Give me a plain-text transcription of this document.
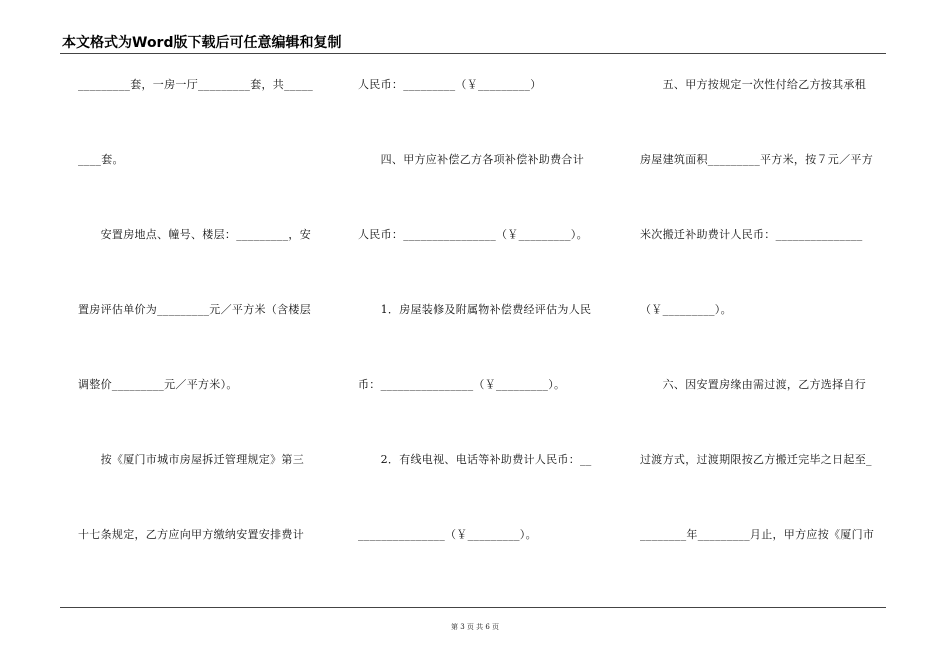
本文格式为Word版下载后可任意编辑和复制
_________套，一房一厅_________套，共_____
____套。
　　安置房地点、幢号、楼层：_________，安
置房评估单价为_________元／平方米（含楼层
调整价_________元／平方米）。
　　按《厦门市城市房屋拆迁管理规定》第三
十七条规定，乙方应向甲方缴纳安置安排费计
人民币：_________（￥_________）
　　四、甲方应补偿乙方各项补偿补助费合计
人民币：________________（￥_________）。
　　1．房屋装修及附属物补偿费经评估为人民
币：________________（￥_________）。
　　2．有线电视、电话等补助费计人民币：__
_______________（￥_________）。
　　五、甲方按规定一次性付给乙方按其承租
房屋建筑面积_________平方米，按７元／平方
米次搬迁补助费计人民币：_______________
（￥_________）。
　　六、因安置房缘由需过渡，乙方选择自行
过渡方式，过渡期限按乙方搬迁完毕之日起至_
________年_________月止，甲方应按《厦门市
第 3 页 共 6 页
